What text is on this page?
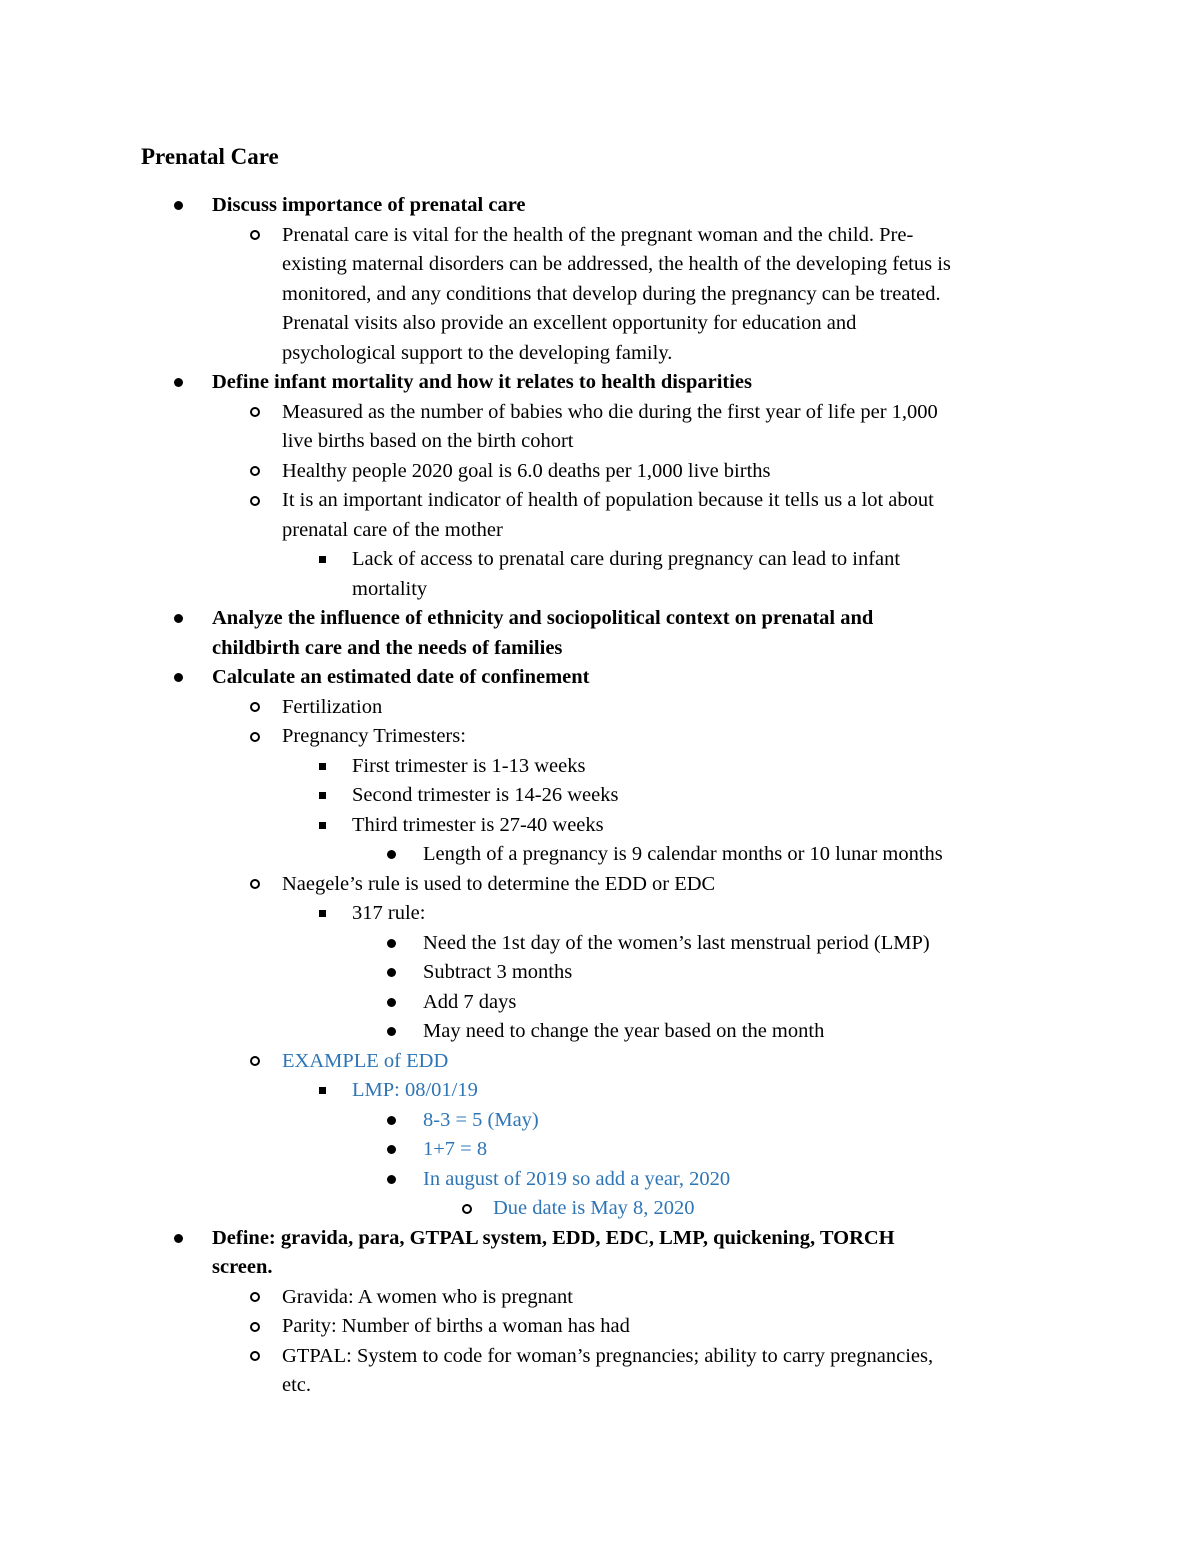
Prenatal Care
Discuss importance of prenatal care
Prenatal care is vital for the health of the pregnant woman and the child. Pre-
existing maternal disorders can be addressed, the health of the developing fetus is
monitored, and any conditions that develop during the pregnancy can be treated.
Prenatal visits also provide an excellent opportunity for education and
psychological support to the developing family.
Define infant mortality and how it relates to health disparities
Measured as the number of babies who die during the first year of life per 1,000
live births based on the birth cohort
Healthy people 2020 goal is 6.0 deaths per 1,000 live births
It is an important indicator of health of population because it tells us a lot about
prenatal care of the mother
Lack of access to prenatal care during pregnancy can lead to infant
mortality
Analyze the influence of ethnicity and sociopolitical context on prenatal and
childbirth care and the needs of families
Calculate an estimated date of confinement
Fertilization
Pregnancy Trimesters:
First trimester is 1-13 weeks
Second trimester is 14-26 weeks
Third trimester is 27-40 weeks
Length of a pregnancy is 9 calendar months or 10 lunar months
Naegele’s rule is used to determine the EDD or EDC
317 rule:
Need the 1st day of the women’s last menstrual period (LMP)
Subtract 3 months
Add 7 days
May need to change the year based on the month
EXAMPLE of EDD
LMP: 08/01/19
8-3 = 5 (May)
1+7 = 8
In august of 2019 so add a year, 2020
Due date is May 8, 2020
Define: gravida, para, GTPAL system, EDD, EDC, LMP, quickening, TORCH
screen.
Gravida: A women who is pregnant
Parity: Number of births a woman has had
GTPAL: System to code for woman’s pregnancies; ability to carry pregnancies,
etc.
